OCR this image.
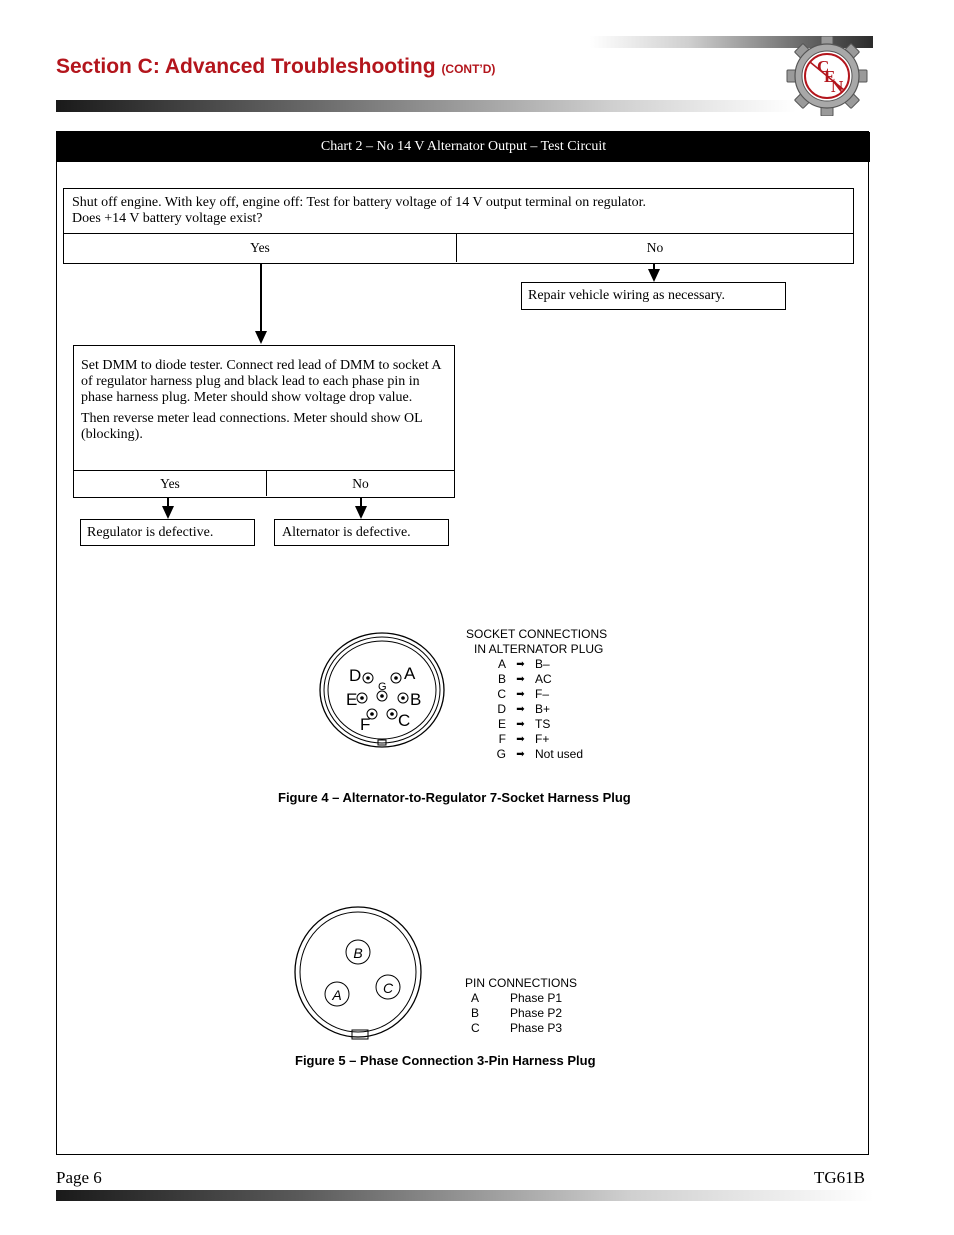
Section C: Advanced Troubleshooting (CONT’D)	C
E
N
Chart 2 – No 14 V Alternator Output – Test Circuit
Shut off engine. With key off, engine off: Test for battery voltage of 14 V output terminal on regulator.
Does +14 V battery voltage exist?
Yes	No
Repair vehicle wiring as necessary.
Set DMM to diode tester. Connect red lead of DMM to socket A of regulator harness plug and black lead to each phase pin in phase harness plug. Meter should show voltage drop value.
Then reverse meter lead connections. Meter should show OL (blocking).
Yes	No
Regulator is defective.	Alternator is defective.
D	A
G
E	B
F C
SOCKET CONNECTIONS
IN ALTERNATOR PLUG
A	➡ B–
B	➡ AC
C	➡ F–
D	➡ B+
E	➡ TS
F	➡ F+
G	➡ Not used
Figure 4 – Alternator-to-Regulator 7-Socket Harness Plug
B
A	C	PIN CONNECTIONS
A	Phase P1
B	Phase P2
C	Phase P3
Figure 5 – Phase Connection 3-Pin Harness Plug
Page 6	TG61B
